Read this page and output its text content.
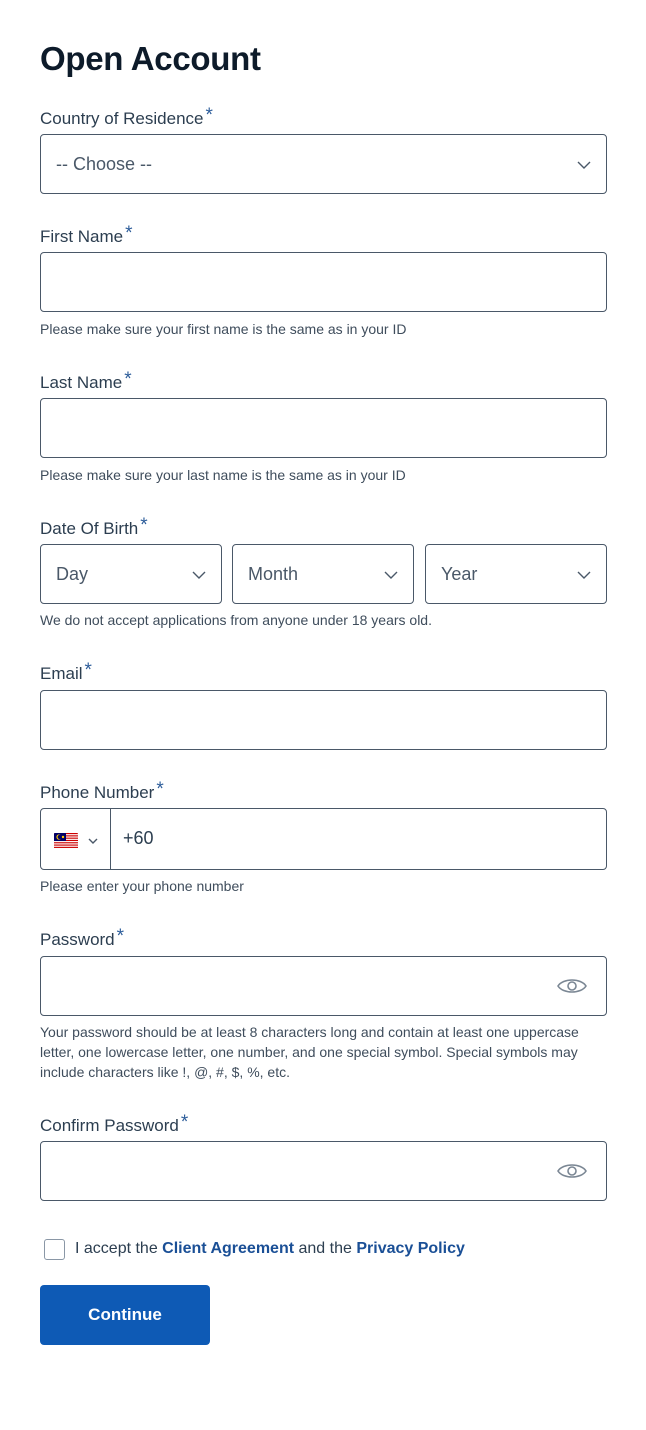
Open Account
Country of Residence *
-- Choose --
First Name *
Please make sure your first name is the same as in your ID
Last Name *
Please make sure your last name is the same as in your ID
Date Of Birth *
Day	Month	Year
We do not accept applications from anyone under 18 years old.
Email *
Phone Number *
+60
Please enter your phone number
Password *
Your password should be at least 8 characters long and contain at least one uppercase letter, one lowercase letter, one number, and one special symbol. Special symbols may include characters like !, @, #, $, %, etc.
Confirm Password *
I accept the Client Agreement and the Privacy Policy
Continue
